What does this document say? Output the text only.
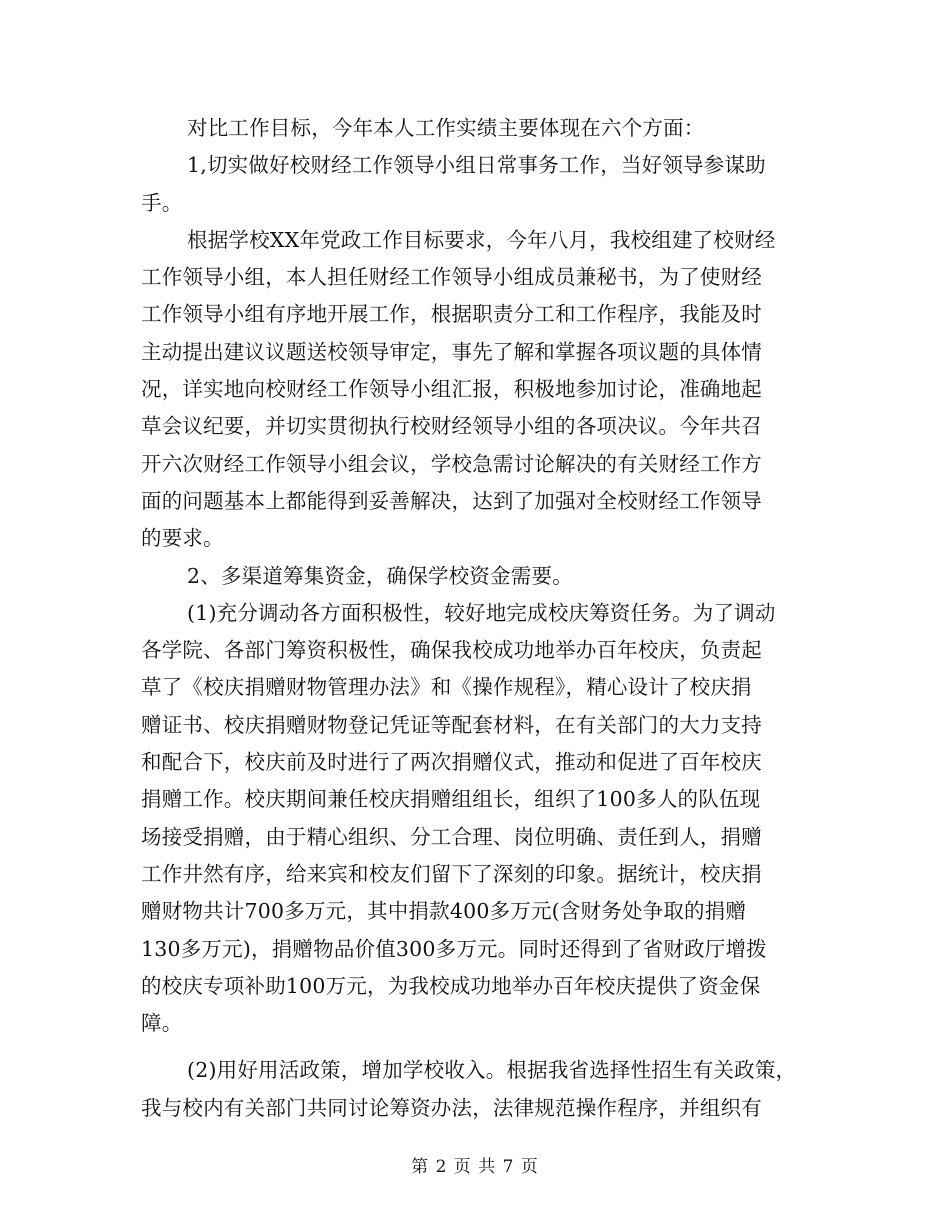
对比工作目标，今年本人工作实绩主要体现在六个方面：
1,切实做好校财经工作领导小组日常事务工作，当好领导参谋助
手。
根据学校XX年党政工作目标要求，今年八月，我校组建了校财经
工作领导小组，本人担任财经工作领导小组成员兼秘书，为了使财经
工作领导小组有序地开展工作，根据职责分工和工作程序，我能及时
主动提出建议议题送校领导审定，事先了解和掌握各项议题的具体情
况，详实地向校财经工作领导小组汇报，积极地参加讨论，准确地起
草会议纪要，并切实贯彻执行校财经领导小组的各项决议。今年共召
开六次财经工作领导小组会议，学校急需讨论解决的有关财经工作方
面的问题基本上都能得到妥善解决，达到了加强对全校财经工作领导
的要求。
2、多渠道筹集资金，确保学校资金需要。
(1)充分调动各方面积极性，较好地完成校庆筹资任务。为了调动
各学院、各部门筹资积极性，确保我校成功地举办百年校庆，负责起
草了《校庆捐赠财物管理办法》和《操作规程》，精心设计了校庆捐
赠证书、校庆捐赠财物登记凭证等配套材料，在有关部门的大力支持
和配合下，校庆前及时进行了两次捐赠仪式，推动和促进了百年校庆
捐赠工作。校庆期间兼任校庆捐赠组组长，组织了100多人的队伍现
场接受捐赠，由于精心组织、分工合理、岗位明确、责任到人，捐赠
工作井然有序，给来宾和校友们留下了深刻的印象。据统计，校庆捐
赠财物共计700多万元，其中捐款400多万元(含财务处争取的捐赠
130多万元)，捐赠物品价值300多万元。同时还得到了省财政厅增拨
的校庆专项补助100万元，为我校成功地举办百年校庆提供了资金保
障。
(2)用好用活政策，增加学校收入。根据我省选择性招生有关政策，
我与校内有关部门共同讨论筹资办法，法律规范操作程序，并组织有
第 2 页 共 7 页
